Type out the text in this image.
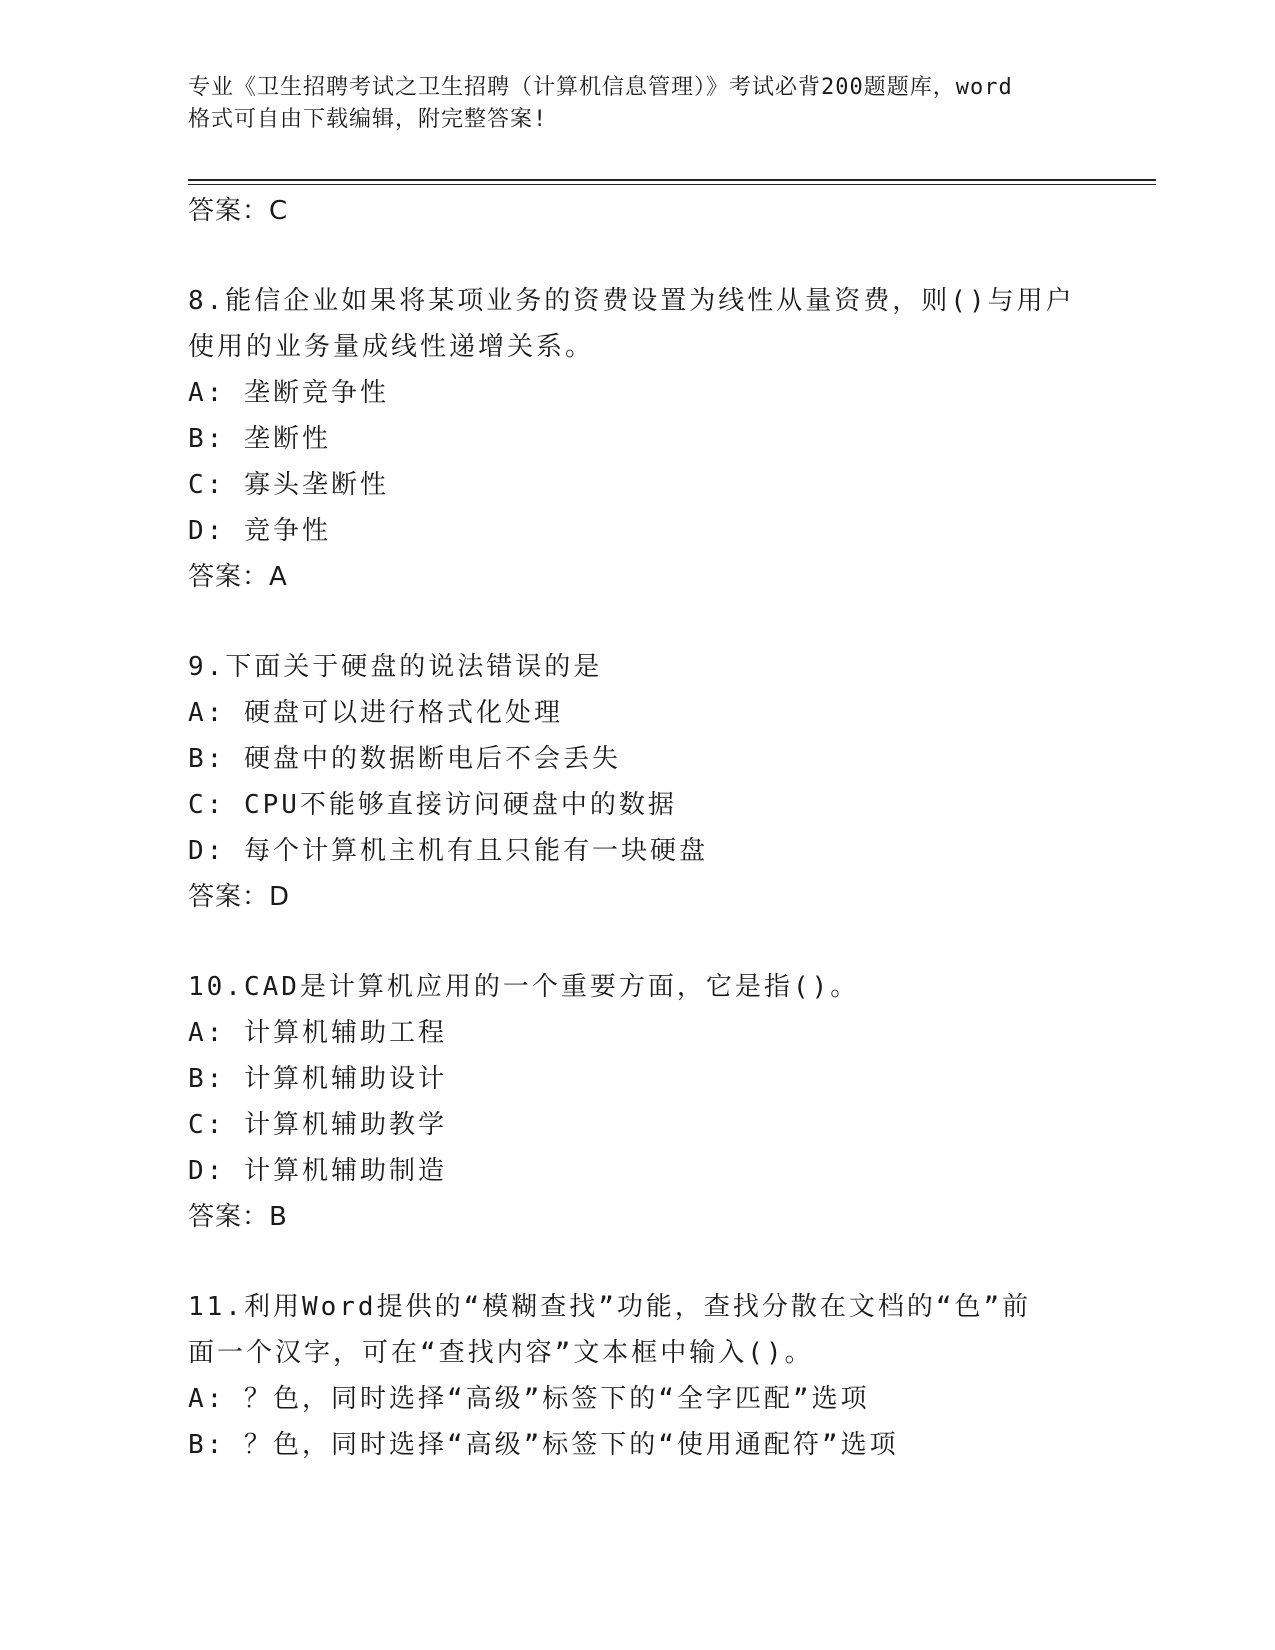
专业《卫生招聘考试之卫生招聘（计算机信息管理）》考试必背200题题库，word
格式可自由下载编辑，附完整答案!
答案：C
8.能信企业如果将某项业务的资费设置为线性从量资费，则()与用户
使用的业务量成线性递增关系。
A: 垄断竞争性
B: 垄断性
C: 寡头垄断性
D: 竞争性
答案：A
9.下面关于硬盘的说法错误的是
A: 硬盘可以进行格式化处理
B: 硬盘中的数据断电后不会丢失
C: CPU不能够直接访问硬盘中的数据
D: 每个计算机主机有且只能有一块硬盘
答案：D
10.CAD是计算机应用的一个重要方面，它是指()。
A: 计算机辅助工程
B: 计算机辅助设计
C: 计算机辅助教学
D: 计算机辅助制造
答案：B
11.利用Word提供的“模糊查找”功能，查找分散在文档的“色”前
面一个汉字，可在“查找内容”文本框中输入()。
A: ？色，同时选择“高级”标签下的“全字匹配”选项
B: ？色，同时选择“高级”标签下的“使用通配符”选项
